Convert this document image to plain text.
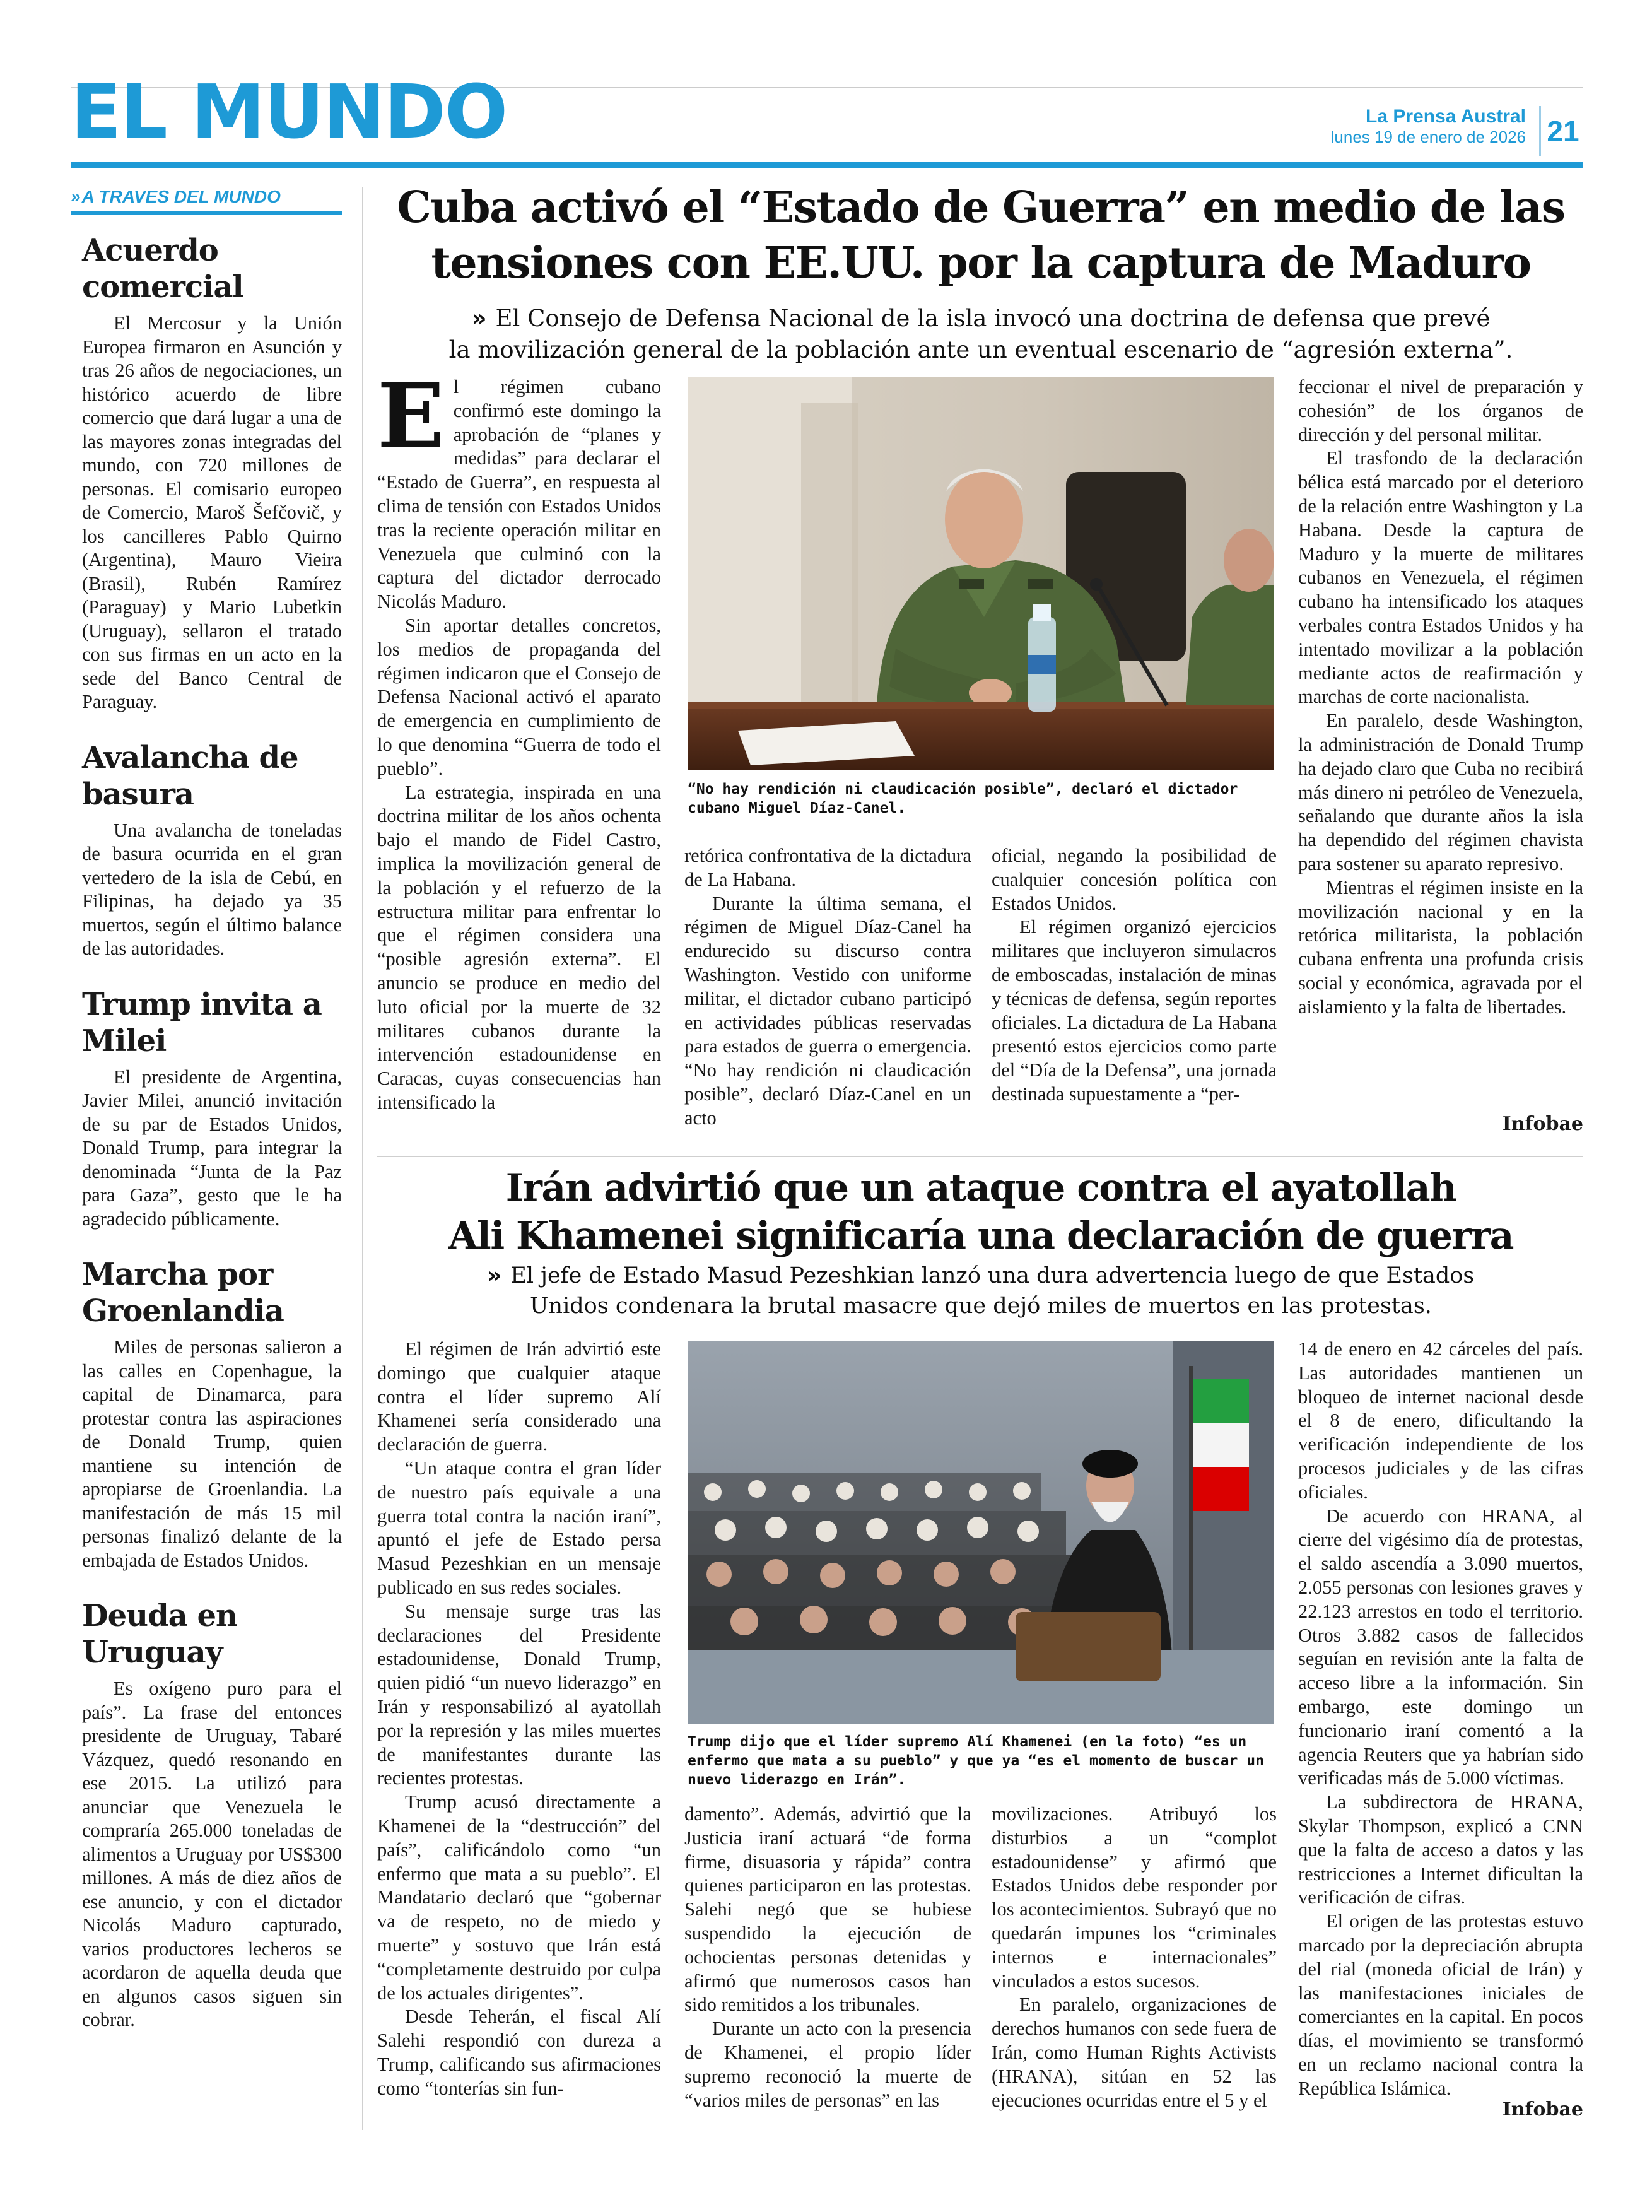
EL MUNDO	La Prensa Austral
lunes 19 de enero de 2026 21
» A TRAVES DEL MUNDO
Acuerdo comercial

El Mercosur y la Unión Europea firmaron en Asunción y tras 26 años de negociaciones, un histórico acuerdo de libre comercio que dará lugar a una de las mayores zonas integradas del mundo, con 720 millones de personas. El comisario europeo de Comercio, Maroš Šefčovič, y los cancilleres Pablo Quirno (Argentina), Mauro Vieira (Brasil), Rubén Ramírez (Paraguay) y Mario Lubetkin (Uruguay), sellaron el tratado con sus firmas en un acto en la sede del Banco Central de Paraguay.

Avalancha de basura

Una avalancha de toneladas de basura ocurrida en el gran vertedero de la isla de Cebú, en Filipinas, ha dejado ya 35 muertos, según el último balance de las autoridades.

Trump invita a Milei

El presidente de Argentina, Javier Milei, anunció invitación de su par de Estados Unidos, Donald Trump, para integrar la denominada “Junta de la Paz para Gaza”, gesto que le ha agradecido públicamente.

Marcha por Groenlandia

Miles de personas salieron a las calles en Copenhague, la capital de Dinamarca, para protestar contra las aspiraciones de Donald Trump, quien mantiene su intención de apropiarse de Groenlandia. La manifestación de más 15 mil personas finalizó delante de la embajada de Estados Unidos.

Deuda en Uruguay

Es oxígeno puro para el país”. La frase del entonces presidente de Uruguay, Tabaré Vázquez, quedó resonando en ese 2015. La utilizó para anunciar que Venezuela le compraría 265.000 toneladas de alimentos a Uruguay por US$300 millones. A más de diez años de ese anuncio, y con el dictador Nicolás Maduro capturado, varios productores lecheros se acordaron de aquella deuda que en algunos casos siguen sin cobrar.

Cuba activó el “Estado de Guerra” en medio de las
tensiones con EE.UU. por la captura de Maduro
» El Consejo de Defensa Nacional de la isla invocó una doctrina de defensa que prevé
la movilización general de la población ante un eventual escenario de “agresión externa”.

El régimen cubano confirmó este domingo la aprobación de “planes y medidas” para declarar el “Estado de Guerra”, en respuesta al clima de tensión con Estados Unidos tras la reciente operación militar en Venezuela que culminó con la captura del dictador derrocado Nicolás Maduro.

Sin aportar detalles concretos, los medios de propaganda del régimen indicaron que el Consejo de Defensa Nacional activó el aparato de emergencia en cumplimiento de lo que denomina “Guerra de todo el pueblo”.

La estrategia, inspirada en una doctrina militar de los años ochenta bajo el mando de Fidel Castro, implica la movilización general de la población y el refuerzo de la estructura militar para enfrentar lo que el régimen considera una “posible agresión externa”. El anuncio se produce en medio del luto oficial por la muerte de 32 militares cubanos durante la intervención estadounidense en Caracas, cuyas consecuencias han intensificado la

“No hay rendición ni claudicación posible”, declaró el dictador cubano Miguel Díaz-Canel.

retórica confrontativa de la dictadura de La Habana.

Durante la última semana, el régimen de Miguel Díaz-Canel ha endurecido su discurso contra Washington. Vestido con uniforme militar, el dictador cubano participó en actividades públicas reservadas para estados de guerra o emergencia. “No hay rendición ni claudicación posible”, declaró Díaz-Canel en un acto

oficial, negando la posibilidad de cualquier concesión política con Estados Unidos.

El régimen organizó ejercicios militares que incluyeron simulacros de emboscadas, instalación de minas y técnicas de defensa, según reportes oficiales. La dictadura de La Habana presentó estos ejercicios como parte del “Día de la Defensa”, una jornada destinada supuestamente a “per-

feccionar el nivel de preparación y cohesión” de los órganos de dirección y del personal militar.

El trasfondo de la declaración bélica está marcado por el deterioro de la relación entre Washington y La Habana. Desde la captura de Maduro y la muerte de militares cubanos en Venezuela, el régimen cubano ha intensificado los ataques verbales contra Estados Unidos y ha intentado movilizar a la población mediante actos de reafirmación y marchas de corte nacionalista.

En paralelo, desde Washington, la administración de Donald Trump ha dejado claro que Cuba no recibirá más dinero ni petróleo de Venezuela, señalando que durante años la isla ha dependido del régimen chavista para sostener su aparato represivo.

Mientras el régimen insiste en la movilización nacional y en la retórica militarista, la población cubana enfrenta una profunda crisis social y económica, agravada por el aislamiento y la falta de libertades.

Infobae
Irán advirtió que un ataque contra el ayatollah
Ali Khamenei significaría una declaración de guerra
» El jefe de Estado Masud Pezeshkian lanzó una dura advertencia luego de que Estados
Unidos condenara la brutal masacre que dejó miles de muertos en las protestas.

El régimen de Irán advirtió este domingo que cualquier ataque contra el líder supremo Alí Khamenei sería considerado una declaración de guerra.

“Un ataque contra el gran líder de nuestro país equivale a una guerra total contra la nación iraní”, apuntó el jefe de Estado persa Masud Pezeshkian en un mensaje publicado en sus redes sociales.

Su mensaje surge tras las declaraciones del Presidente estadounidense, Donald Trump, quien pidió “un nuevo liderazgo” en Irán y responsabilizó al ayatollah por la represión y las miles muertes de manifestantes durante las recientes protestas.

Trump acusó directamente a Khamenei de la “destrucción” del país”, calificándolo como “un enfermo que mata a su pueblo”. El Mandatario declaró que “gobernar va de respeto, no de miedo y muerte” y sostuvo que Irán está “completamente destruido por culpa de los actuales dirigentes”.

Desde Teherán, el fiscal Alí Salehi respondió con dureza a Trump, calificando sus afirmaciones como “tonterías sin fun-

Trump dijo que el líder supremo Alí Khamenei (en la foto) “es un enfermo que mata a su pueblo” y que ya “es el momento de buscar un nuevo liderazgo en Irán”.

damento”. Además, advirtió que la Justicia iraní actuará “de forma firme, disuasoria y rápida” contra quienes participaron en las protestas. Salehi negó que se hubiese suspendido la ejecución de ochocientas personas detenidas y afirmó que numerosos casos han sido remitidos a los tribunales.

Durante un acto con la presencia de Khamenei, el propio líder supremo reconoció la muerte de “varios miles de personas” en las

movilizaciones. Atribuyó los disturbios a un “complot estadounidense” y afirmó que Estados Unidos debe responder por los acontecimientos. Subrayó que no quedarán impunes los “criminales internos e internacionales” vinculados a estos sucesos.

En paralelo, organizaciones de derechos humanos con sede fuera de Irán, como Human Rights Activists (HRANA), sitúan en 52 las ejecuciones ocurridas entre el 5 y el

14 de enero en 42 cárceles del país. Las autoridades mantienen un bloqueo de internet nacional desde el 8 de enero, dificultando la verificación independiente de los procesos judiciales y de las cifras oficiales.

De acuerdo con HRANA, al cierre del vigésimo día de protestas, el saldo ascendía a 3.090 muertos, 2.055 personas con lesiones graves y 22.123 arrestos en todo el territorio. Otros 3.882 casos de fallecidos seguían en revisión ante la falta de acceso libre a la información. Sin embargo, este domingo un funcionario iraní comentó a la agencia Reuters que ya habrían sido verificadas más de 5.000 víctimas.

La subdirectora de HRANA, Skylar Thompson, explicó a CNN que la falta de acceso a datos y las restricciones a Internet dificultan la verificación de cifras.

El origen de las protestas estuvo marcado por la depreciación abrupta del rial (moneda oficial de Irán) y las manifestaciones iniciales de comerciantes en la capital. En pocos días, el movimiento se transformó en un reclamo nacional contra la República Islámica.

Infobae
